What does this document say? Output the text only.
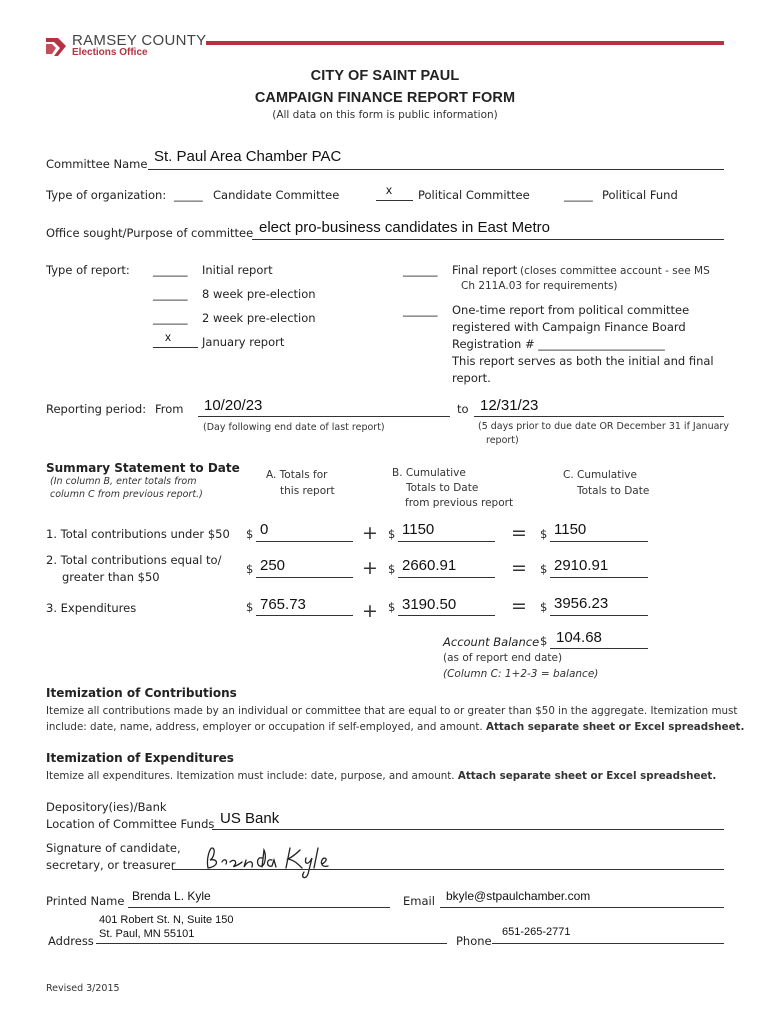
RAMSEY COUNTY
Elections Office
CITY OF SAINT PAUL
CAMPAIGN FINANCE REPORT FORM
(All data on this form is public information)
Committee Name St. Paul Area Chamber PAC
Type of organization: _____ Candidate Committee	x Political Committee	_____ Political Fund
Office sought/Purpose of committee elect pro-business candidates in East Metro
Type of report: ______ Initial report
______ 8 week pre-election
______ 2 week pre-election
x	January report
______ Final report (closes committee account - see MS
Ch 211A.03 for requirements)
______ One-time report from political committee
registered with Campaign Finance Board
Registration # ______________________
This report serves as both the initial and final
report.
Reporting period: From 10/20/23
(Day following end date of last report)
to 12/31/23
(5 days prior to due date OR December 31 if January
report)
Summary Statement to Date
(In column B, enter totals from
column C from previous report.)
A. Totals for
this report
B. Cumulative
Totals to Date
from previous report
C. Cumulative
Totals to Date
1. Total contributions under $50 $ 0	+ $ 1150	= $ 1150
2. Total contributions equal to/
greater than $50
$ 250	+ $ 2660.91	= $ 2910.91
3. Expenditures	$ 765.73	+ $ 3190.50	= $ 3956.23
Account Balance $ 104.68
(as of report end date)
(Column C: 1+2-3 = balance)
Itemization of Contributions
Itemize all contributions made by an individual or committee that are equal to or greater than $50 in the aggregate. Itemization must
include: date, name, address, employer or occupation if self-employed, and amount. Attach separate sheet or Excel spreadsheet.
Itemization of Expenditures
Itemize all expenditures. Itemization must include: date, purpose, and amount. Attach separate sheet or Excel spreadsheet.
Depository(ies)/Bank
Location of Committee Funds US Bank
Signature of candidate,
secretary, or treasurer
Printed Name Brenda L. Kyle	Email bkyle@stpaulchamber.com
Address
401 Robert St. N, Suite 150
St. Paul, MN 55101	Phone
651-265-2771
Revised 3/2015
